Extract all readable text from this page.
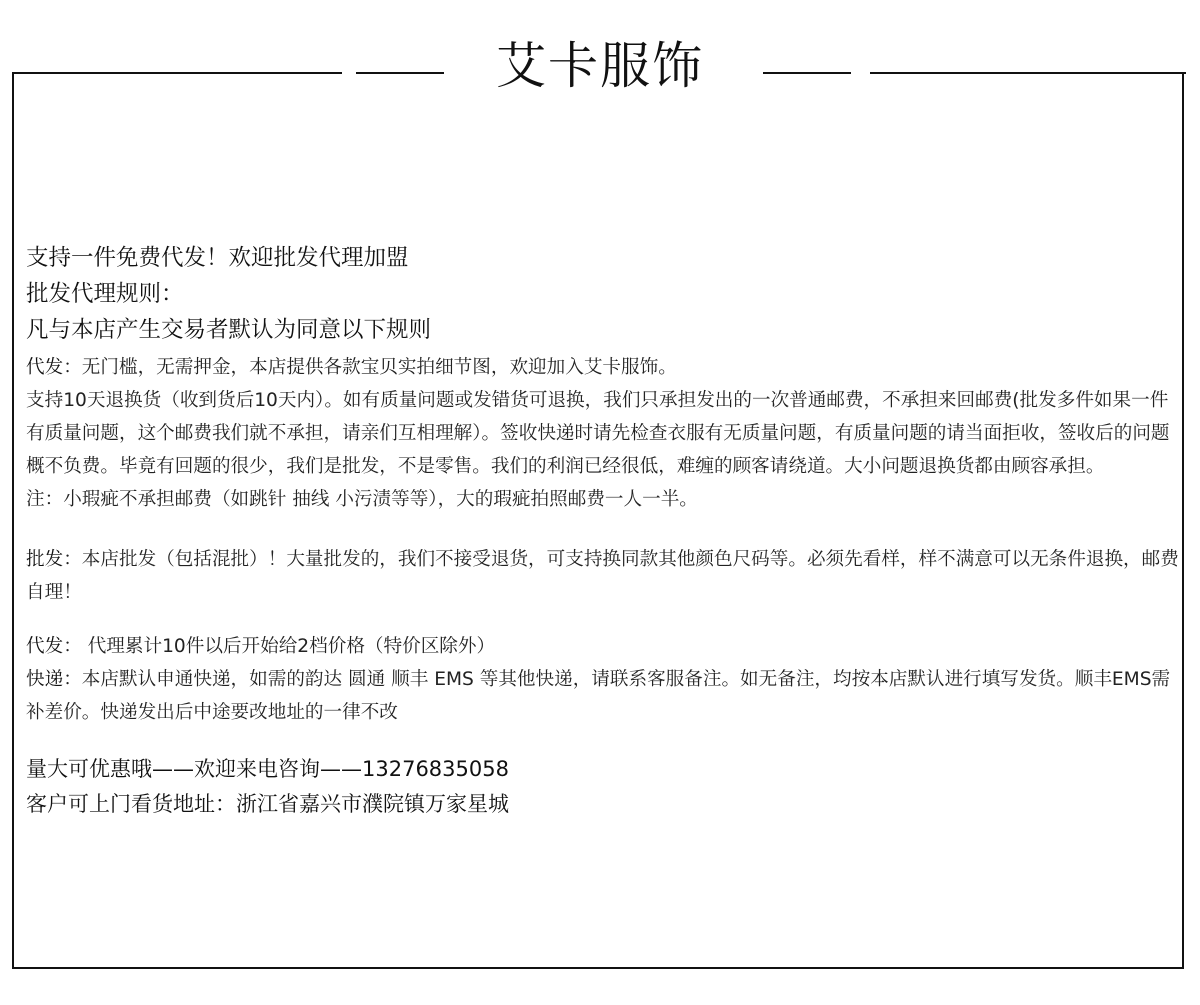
艾卡服饰

支持一件免费代发！欢迎批发代理加盟

批发代理规则：

凡与本店产生交易者默认为同意以下规则

代发：无门槛，无需押金，本店提供各款宝贝实拍细节图，欢迎加入艾卡服饰。

支持10天退换货（收到货后10天内）。如有质量问题或发错货可退换，我们只承担发出的一次普通邮费，不承担来回邮费(批发多件如果一件有质量问题，这个邮费我们就不承担，请亲们互相理解）。签收快递时请先检查衣服有无质量问题，有质量问题的请当面拒收，签收后的问题概不负费。毕竟有回题的很少，我们是批发，不是零售。我们的利润已经很低，难缠的顾客请绕道。大小问题退换货都由顾容承担。

注：小瑕疵不承担邮费（如跳针 抽线 小污渍等等），大的瑕疵拍照邮费一人一半。

批发：本店批发（包括混批）！大量批发的，我们不接受退货，可支持换同款其他颜色尺码等。必须先看样，样不满意可以无条件退换，邮费自理！

代发： 代理累计10件以后开始给2档价格（特价区除外）

快递：本店默认申通快递，如需的韵达 圆通 顺丰 EMS 等其他快递，请联系客服备注。如无备注，均按本店默认进行填写发货。顺丰EMS需补差价。快递发出后中途要改地址的一律不改

量大可优惠哦——欢迎来电咨询——13276835058

客户可上门看货地址：浙江省嘉兴市濮院镇万家星城
